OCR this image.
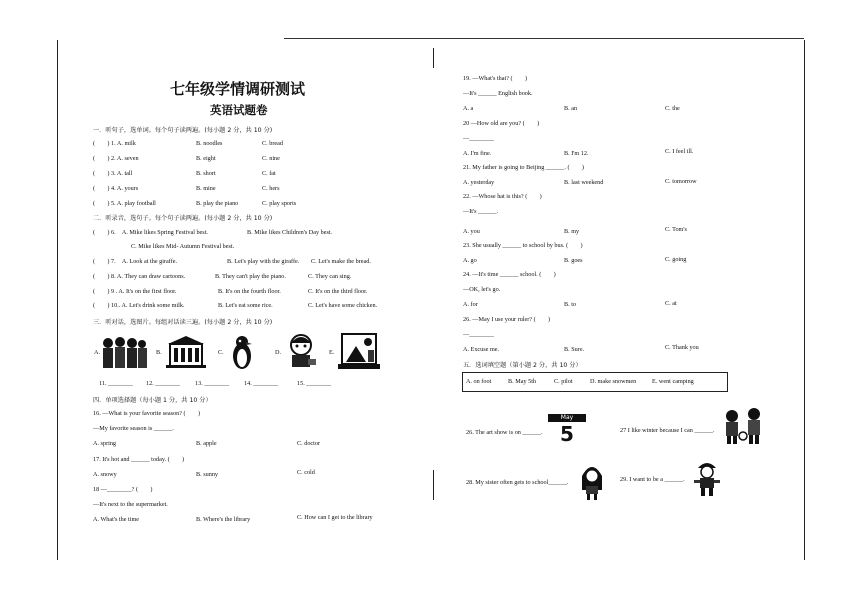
七年级学情调研测试
英语试题卷
一．听句子，选单词。每个句子读两遍。(每小题 2 分，共 10 分)
(　　) 1. A. milk	B. noodles	C. bread
(　　) 2. A. seven	B. eight	C. nine
(　　) 3. A. tall	B. short	C. fat
(　　) 4. A. yours	B. mine	C. hers
(　　) 5. A. play football	B. play the piano	C. play sports
二．听录音，选句子。每个句子读两遍。(每小题 2 分，共 10 分)
(　　) 6.　A. Mike likes Spring Festival best.	B. Mike likes Children's Day best.
C. Mike likes Mid- Autumn Festival best.
(　　) 7.　A. Look at the giraffe.	B. Let's play with the giraffe. C. Let's make the bread.
(　　) 8. A. They can draw cartoons.	B. They can't play the piano.	C. They can sing.
(　　) 9 . A. It's on the first floor.	B. It's on the fourth floor.	C. It's on the third floor.
(　　) 10.. A. Let's drink some milk.	B. Let's eat some rice.	C. Let's have some chicken.
三．听对话，选图片。每组对话读三遍。(每小题 2 分，共 10 分)
A.	B.	C.	D.	E.
11. ________ 12. ________ 13. ________ 14. ________	15. ________
四．单项选择题（每小题 1 分，共 10 分）
16. —What is your favorite season? (　　)
—My favorite season is ______.
A. spring	B. apple	C. doctor
17. It's hot and ______ today. (　　)
A. snowy	B. sunny	C. cold
18 —________? (　　)
—It's next to the supermarket.
A. What's the time	B. Where's the library	C. How can I get to the library
19. —What's that? (　　)
—It's ______ English book.
A. a	B. an	C. the
20 —How old are you? (　　)
—________
A. I'm fine.	B. I'm 12.	C. I feel ill.
21. My father is going to Beijing ______. (　　)
A. yesterday	B. last weekend	C. tomorrow
22. —Whose hat is this? (　　)
—It's ______.
A. you	B. my	C. Tom's
23. She usually ______ to school by bus. (　　)
A. go	B. goes	C. going
24. —It's time ______ school. (　　)
—OK, let's go.
A. for	B. to	C. at
26. —May I use your ruler? (　　)
—________
A. Excuse me.	B. Sure.	C. Thank you
五．选词填空题（第小题 2 分，共 10 分）
A. on foot	B. May 5th	C. pilot	D. make snowmen	E. went camping
May
5
26. The art show is on ______.	27 I like winter because I can ______.
28. My sister often gets to school______.	29. I want to be a ______.
